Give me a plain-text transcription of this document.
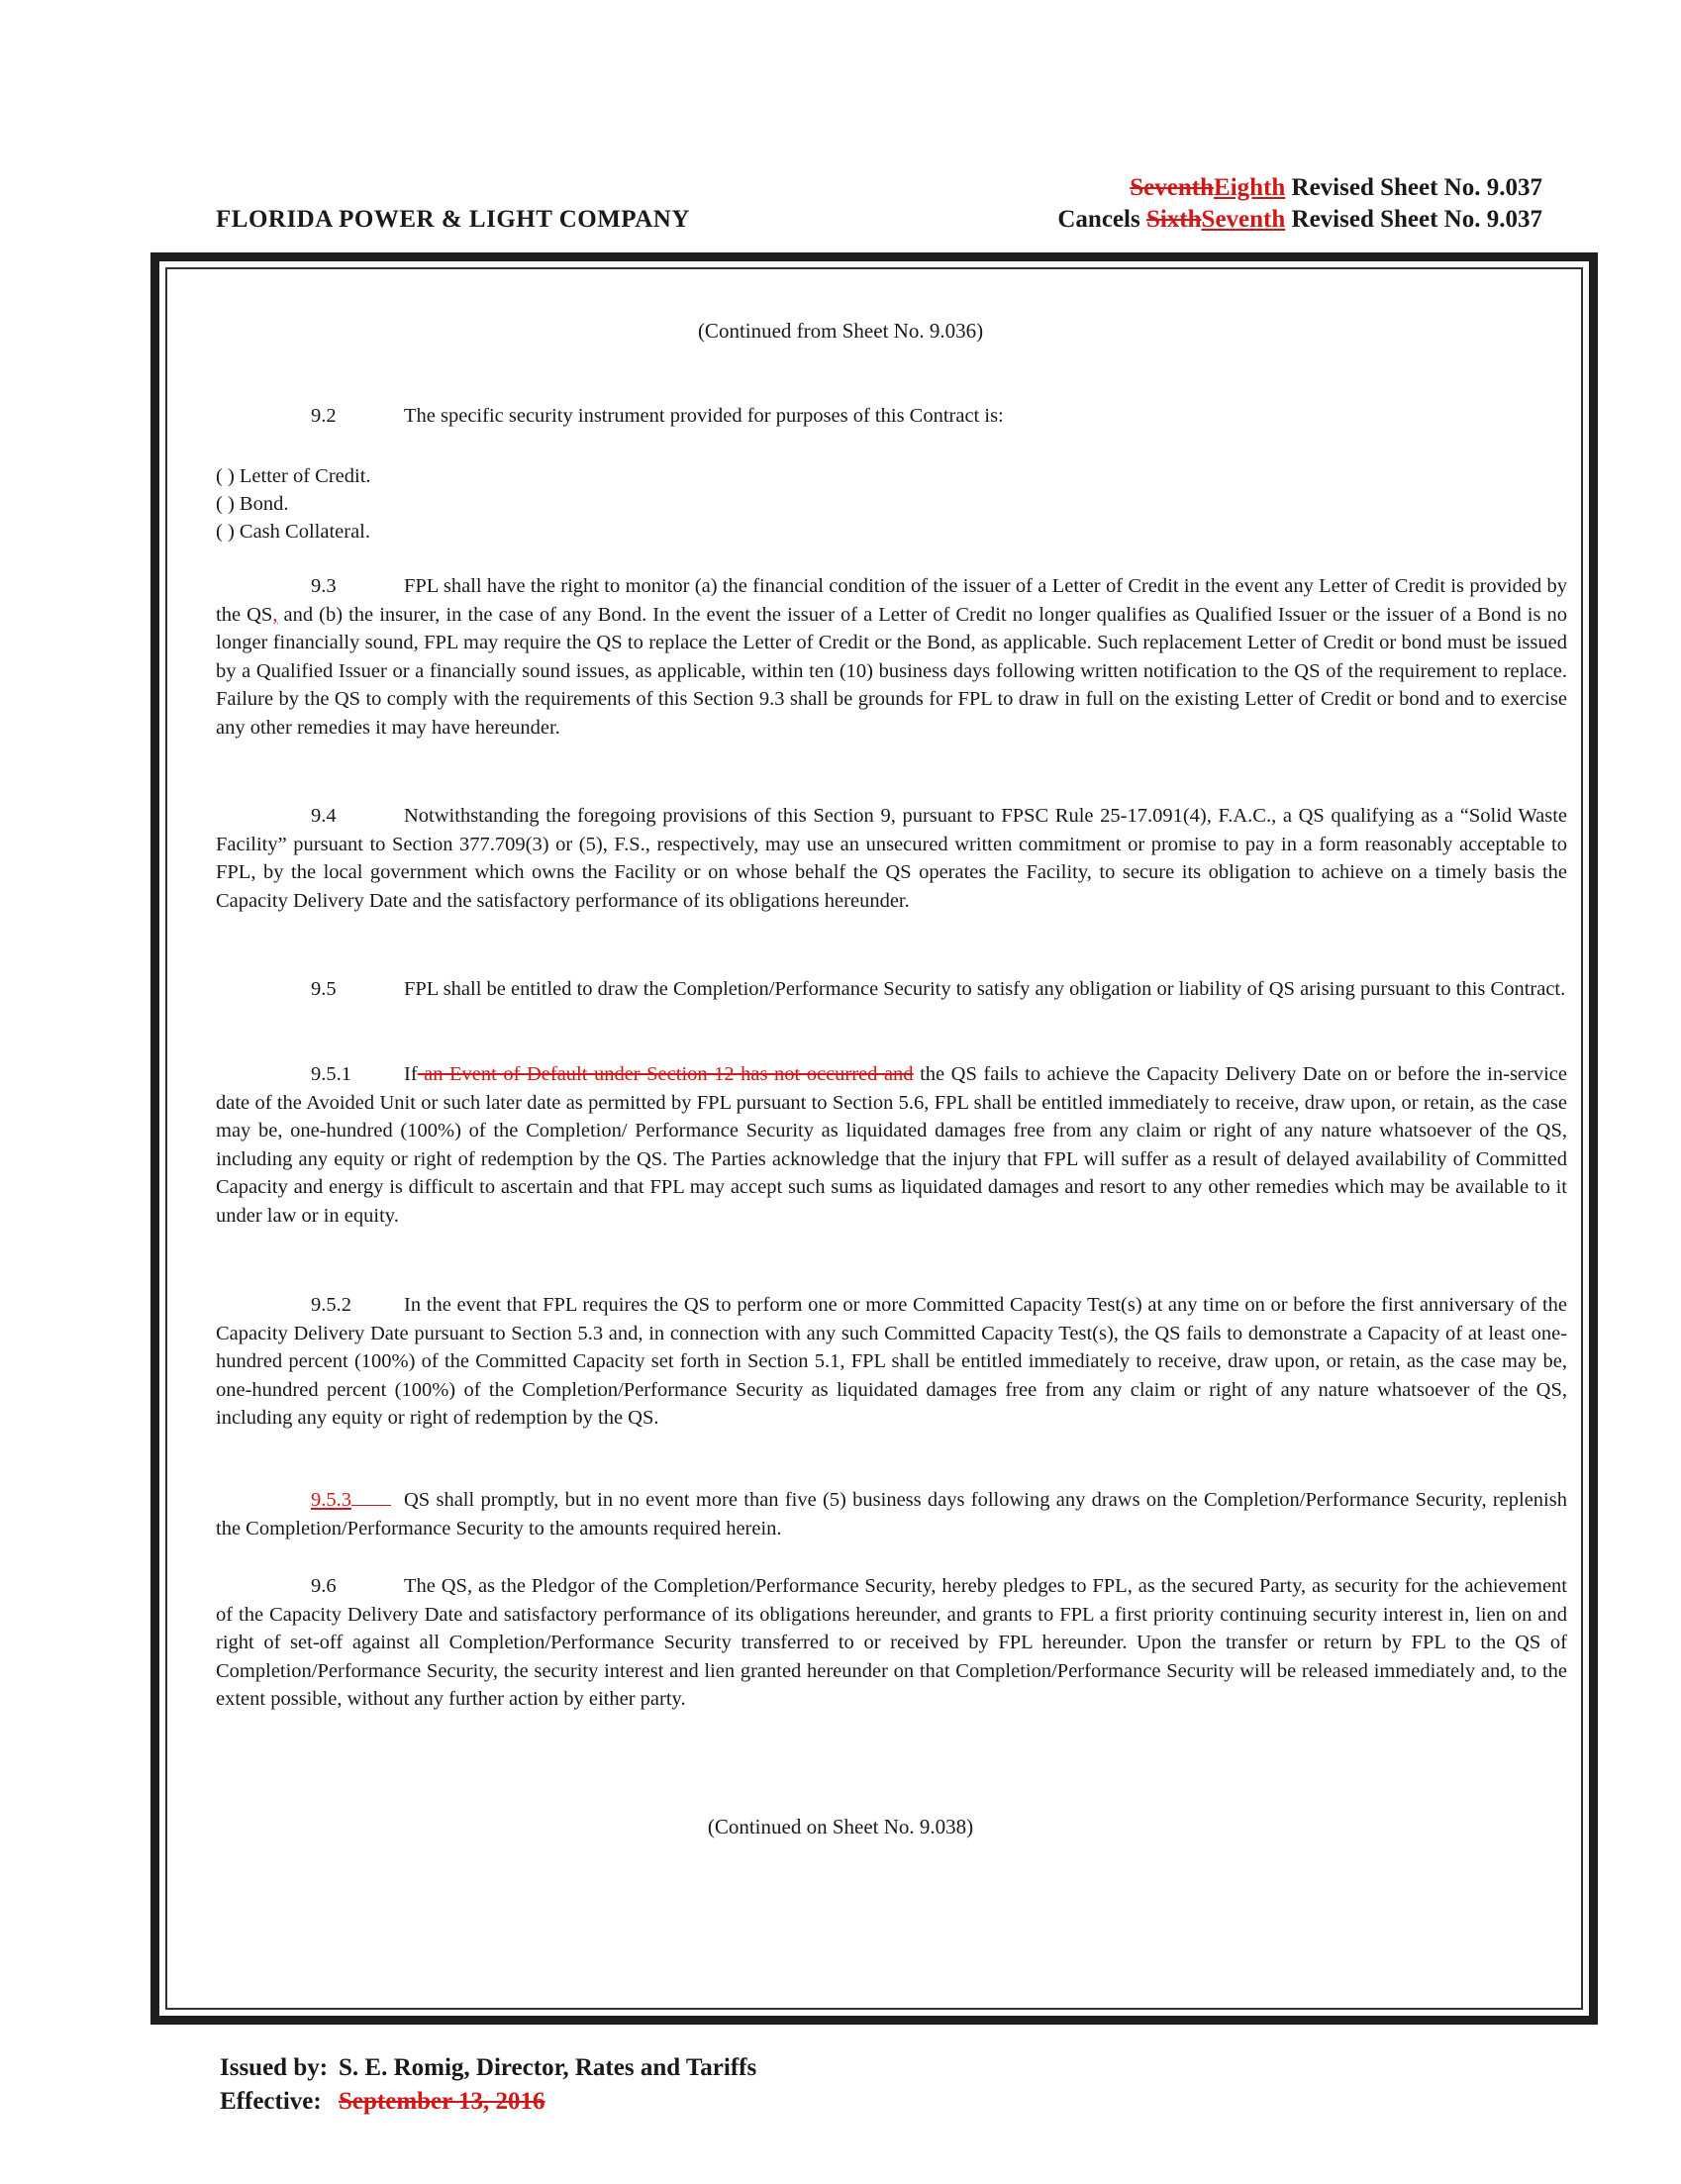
FLORIDA POWER & LIGHT COMPANY
SeventhEighth Revised Sheet No. 9.037
Cancels SixthSeventh Revised Sheet No. 9.037
(Continued from Sheet No. 9.036)
9.2	The specific security instrument provided for purposes of this Contract is:
( ) Letter of Credit.
( ) Bond.
( ) Cash Collateral.
9.3	FPL shall have the right to monitor (a) the financial condition of the issuer of a Letter of Credit in the event any Letter of Credit is provided by the QS, and (b) the insurer, in the case of any Bond. In the event the issuer of a Letter of Credit no longer qualifies as Qualified Issuer or the issuer of a Bond is no longer financially sound, FPL may require the QS to replace the Letter of Credit or the Bond, as applicable. Such replacement Letter of Credit or bond must be issued by a Qualified Issuer or a financially sound issues, as applicable, within ten (10) business days following written notification to the QS of the requirement to replace. Failure by the QS to comply with the requirements of this Section 9.3 shall be grounds for FPL to draw in full on the existing Letter of Credit or bond and to exercise any other remedies it may have hereunder.
9.4	Notwithstanding the foregoing provisions of this Section 9, pursuant to FPSC Rule 25-17.091(4), F.A.C., a QS qualifying as a “Solid Waste Facility” pursuant to Section 377.709(3) or (5), F.S., respectively, may use an unsecured written commitment or promise to pay in a form reasonably acceptable to FPL, by the local government which owns the Facility or on whose behalf the QS operates the Facility, to secure its obligation to achieve on a timely basis the Capacity Delivery Date and the satisfactory performance of its obligations hereunder.
9.5	FPL shall be entitled to draw the Completion/Performance Security to satisfy any obligation or liability of QS arising pursuant to this Contract.
9.5.1	If an Event of Default under Section 12 has not occurred and the QS fails to achieve the Capacity Delivery Date on or before the in-service date of the Avoided Unit or such later date as permitted by FPL pursuant to Section 5.6, FPL shall be entitled immediately to receive, draw upon, or retain, as the case may be, one-hundred (100%) of the Completion/ Performance Security as liquidated damages free from any claim or right of any nature whatsoever of the QS, including any equity or right of redemption by the QS. The Parties acknowledge that the injury that FPL will suffer as a result of delayed availability of Committed Capacity and energy is difficult to ascertain and that FPL may accept such sums as liquidated damages and resort to any other remedies which may be available to it under law or in equity.
9.5.2	In the event that FPL requires the QS to perform one or more Committed Capacity Test(s) at any time on or before the first anniversary of the Capacity Delivery Date pursuant to Section 5.3 and, in connection with any such Committed Capacity Test(s), the QS fails to demonstrate a Capacity of at least one-hundred percent (100%) of the Committed Capacity set forth in Section 5.1, FPL shall be entitled immediately to receive, draw upon, or retain, as the case may be, one-hundred percent (100%) of the Completion/Performance Security as liquidated damages free from any claim or right of any nature whatsoever of the QS, including any equity or right of redemption by the QS.
9.5.3	QS shall promptly, but in no event more than five (5) business days following any draws on the Completion/Performance Security, replenish the Completion/Performance Security to the amounts required herein.
9.6	The QS, as the Pledgor of the Completion/Performance Security, hereby pledges to FPL, as the secured Party, as security for the achievement of the Capacity Delivery Date and satisfactory performance of its obligations hereunder, and grants to FPL a first priority continuing security interest in, lien on and right of set-off against all Completion/Performance Security transferred to or received by FPL hereunder. Upon the transfer or return by FPL to the QS of Completion/Performance Security, the security interest and lien granted hereunder on that Completion/Performance Security will be released immediately and, to the extent possible, without any further action by either party.
(Continued on Sheet No. 9.038)
Issued by: S. E. Romig, Director, Rates and Tariffs
Effective: September 13, 2016
